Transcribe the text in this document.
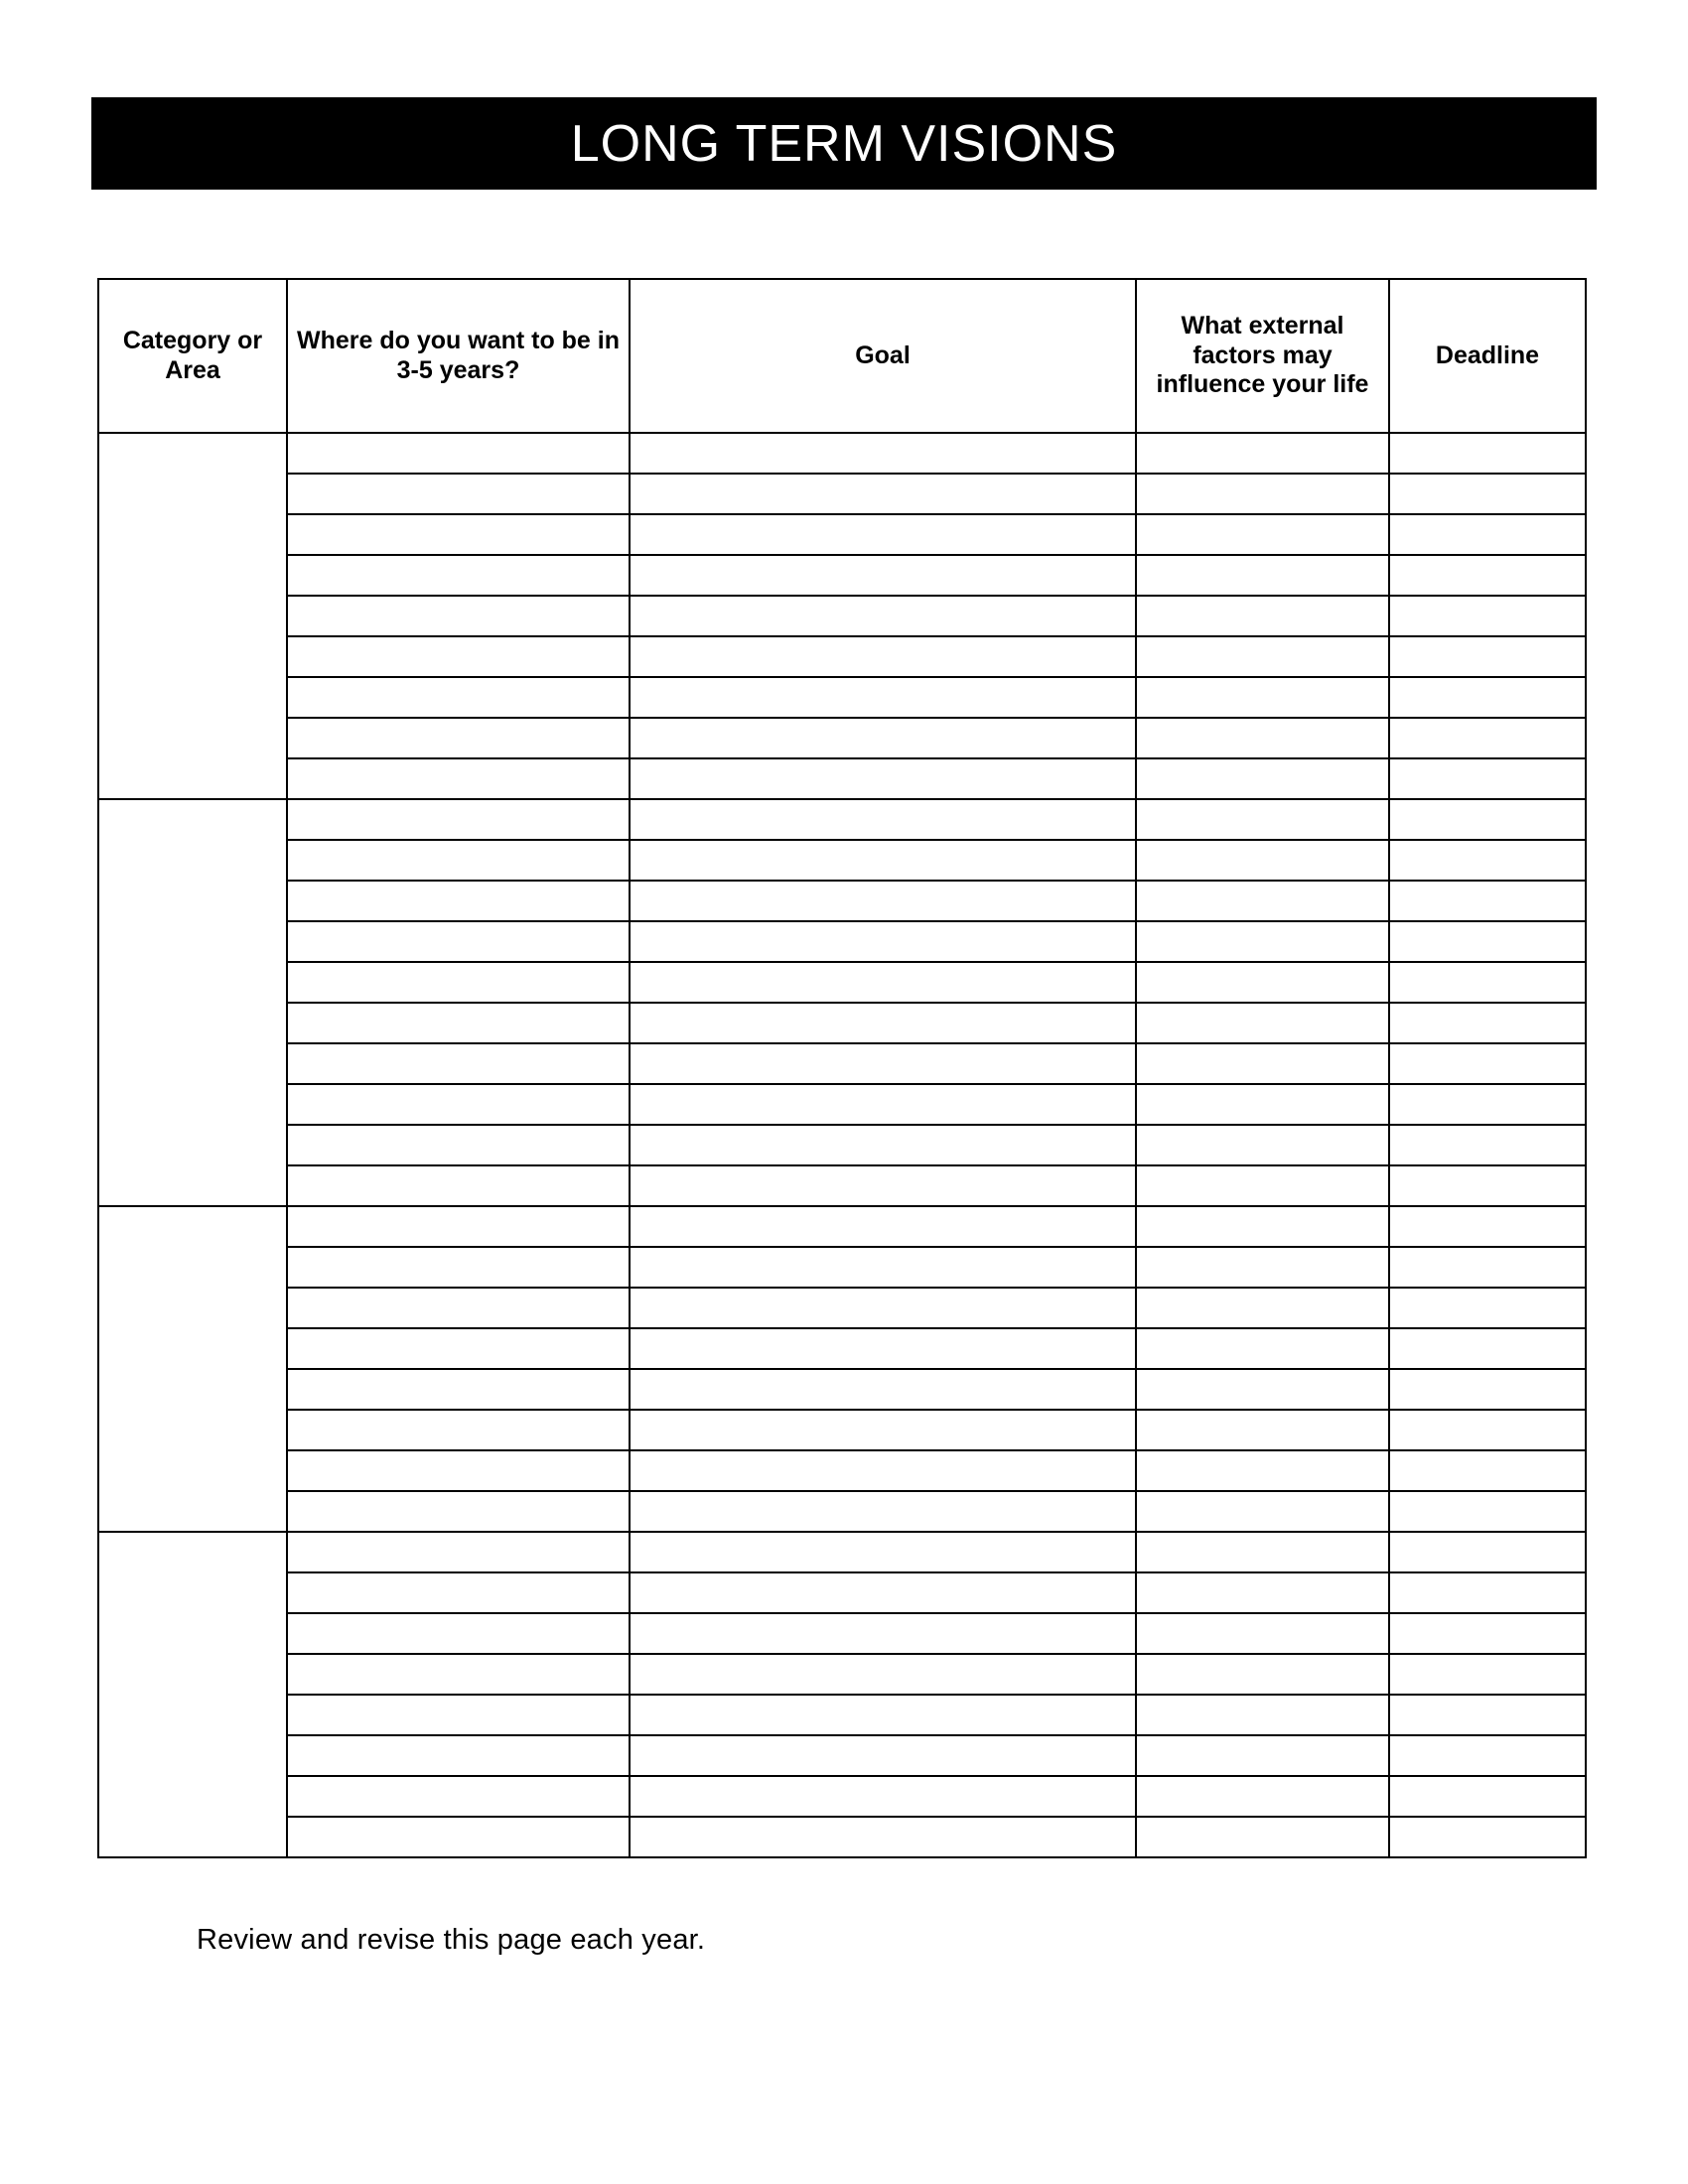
LONG TERM VISIONS
Category or Area	Where do you want to be in 3-5 years?	Goal	What external factors may influence your life	Deadline

Review and revise this page each year.
